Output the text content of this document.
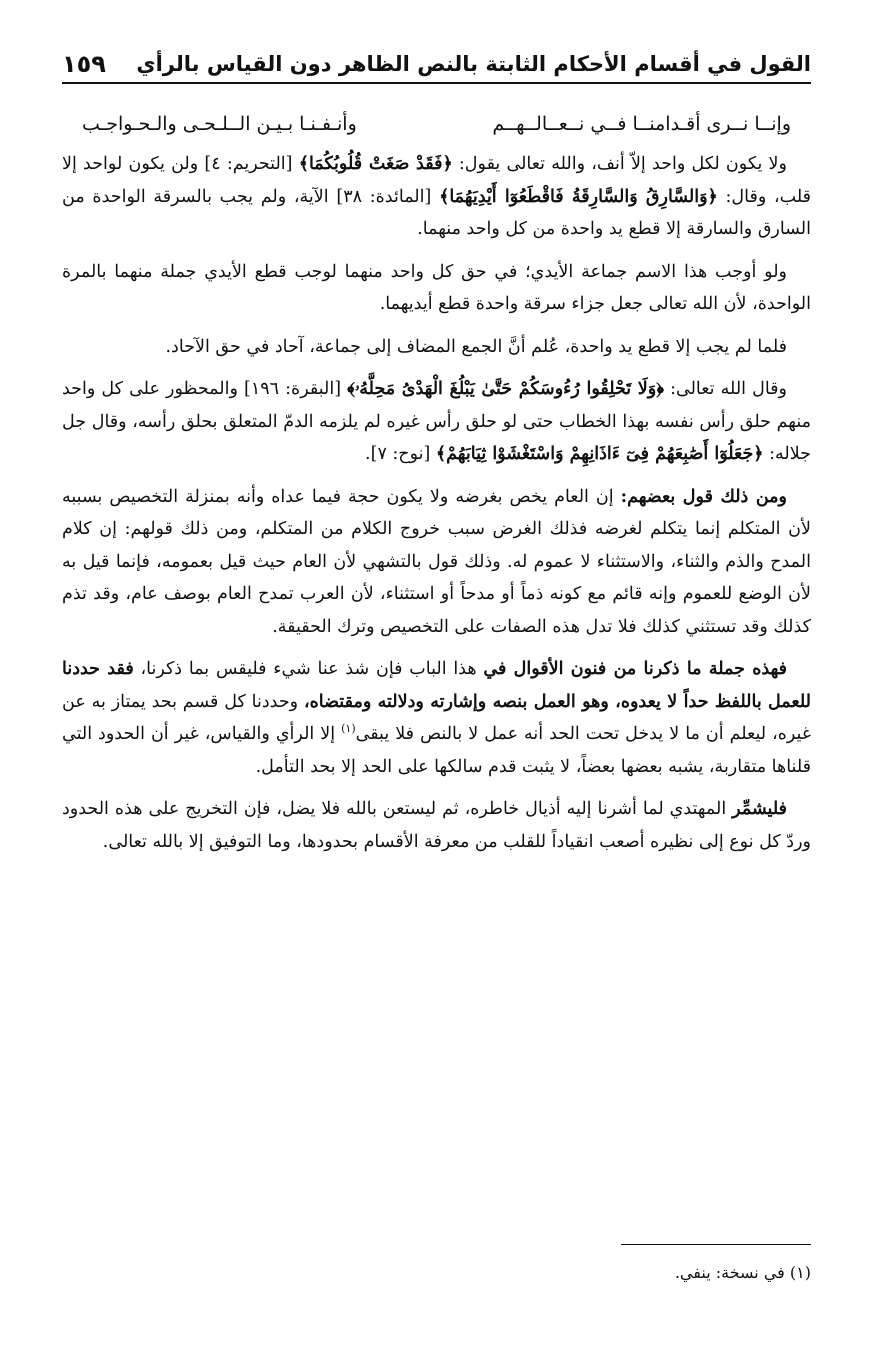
القول في أقسام الأحكام الثابتة بالنص الظاهر دون القياس بالرأي
١٥٩
وإنــا نــرى أقـدامنــا فــي نــعــالــهــم
وأنـفـنـا بـيـن الــلـحـى والـحـواجـب

ولا يكون لكل واحد إلاّ أنف، والله تعالى يقول: ﴿فَقَدْ صَغَتْ قُلُوبُكُمَا﴾ [التحريم: ٤] ولن يكون لواحد إلا قلب، وقال: ﴿وَالسَّارِقُ وَالسَّارِقَةُ فَاقْطَعُوٓا أَيْدِيَهُمَا﴾ [المائدة: ٣٨] الآية، ولم يجب بالسرقة الواحدة من السارق والسارقة إلا قطع يد واحدة من كل واحد منهما.

ولو أوجب هذا الاسم جماعة الأيدي؛ في حق كل واحد منهما لوجب قطع الأيدي جملة منهما بالمرة الواحدة، لأن الله تعالى جعل جزاء سرقة واحدة قطع أيديهما.

فلما لم يجب إلا قطع يد واحدة، عُلم أنَّ الجمع المضاف إلى جماعة، آحاد في حق الآحاد.

وقال الله تعالى: ﴿وَلَا تَحْلِقُوا رُءُوسَكُمْ حَتَّىٰ يَبْلُغَ الْهَدْىُ مَحِلَّهُۥ﴾ [البقرة: ١٩٦] والمحظور على كل واحد منهم حلق رأس نفسه بهذا الخطاب حتى لو حلق رأس غيره لم يلزمه الدمّ المتعلق بحلق رأسه، وقال جل جلاله: ﴿جَعَلُوٓا أَصَٰبِعَهُمْ فِىٓ ءَاذَانِهِمْ وَاسْتَغْشَوْا ثِيَابَهُمْ﴾ [نوح: ٧].

ومن ذلك قول بعضهم: إن العام يخص بغرضه ولا يكون حجة فيما عداه وأنه بمنزلة التخصيص بسببه لأن المتكلم إنما يتكلم لغرضه فذلك الغرض سبب خروج الكلام من المتكلم، ومن ذلك قولهم: إن كلام المدح والذم والثناء، والاستثناء لا عموم له. وذلك قول بالتشهي لأن العام حيث قيل بعمومه، فإنما قيل به لأن الوضع للعموم وإنه قائم مع كونه ذماً أو مدحاً أو استثناء، لأن العرب تمدح العام بوصف عام، وقد تذم كذلك وقد تستثني كذلك فلا تدل هذه الصفات على التخصيص وترك الحقيقة.

فهذه جملة ما ذكرنا من فنون الأقوال في هذا الباب فإن شذ عنا شيء فليقس بما ذكرنا، فقد حددنا للعمل باللفظ حداً لا يعدوه، وهو العمل بنصه وإشارته ودلالته ومقتضاه، وحددنا كل قسم بحد يمتاز به عن غيره، ليعلم أن ما لا يدخل تحت الحد أنه عمل لا بالنص فلا يبقى$^{(١)}$ إلا الرأي والقياس، غير أن الحدود التي قلناها متقاربة، يشبه بعضها بعضاً، لا يثبت قدم سالكها على الحد إلا بحد التأمل.

فليشمِّر المهتدي لما أشرنا إليه أذيال خاطره، ثم ليستعن بالله فلا يضل، فإن التخريج على هذه الحدود وردّ كل نوع إلى نظيره أصعب انقياداً للقلب من معرفة الأقسام بحدودها، وما التوفيق إلا بالله تعالى.

(١) في نسخة: ينفي.
